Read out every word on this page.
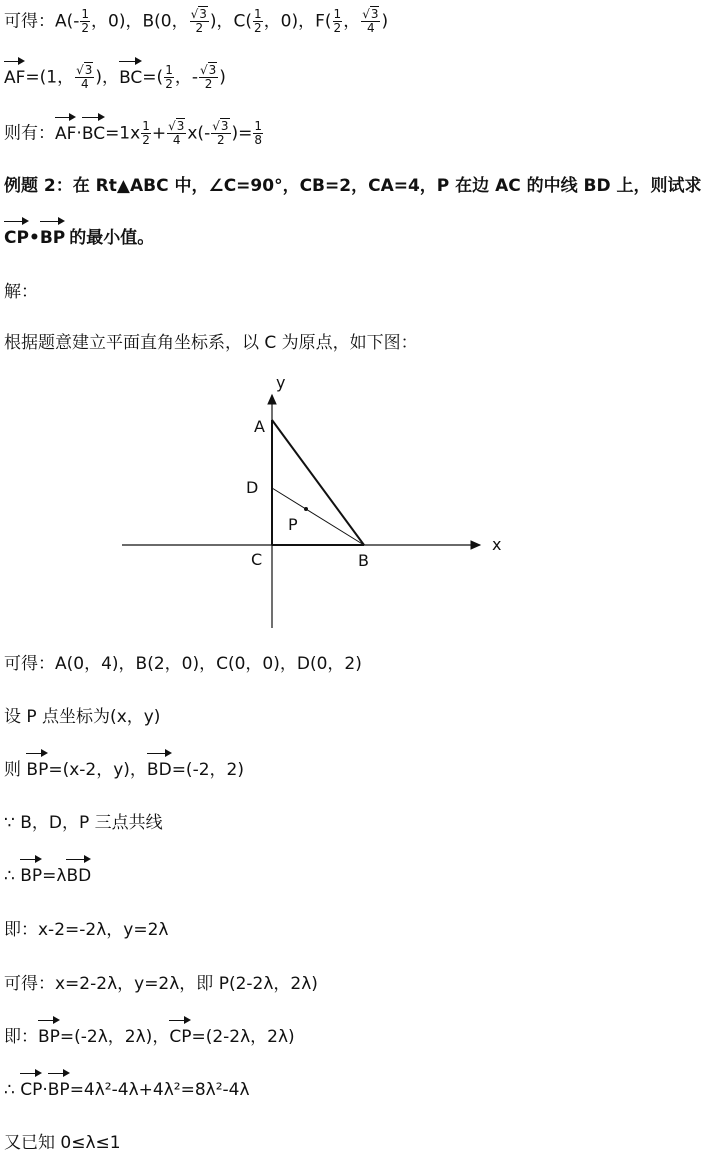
可得：$A(- \frac{1}{2}$ ，0)，B(0， $\frac{√3}{2}$ )，$C( \frac{1}{2}$ ，0)，$F( \frac{1}{2}$ ， $\frac{√3}{4}$ )
AF=(1， $\frac{√3}{4}$ )，$BC=( \frac{1}{2}$ ，- $\frac{√3}{2}$ )
则有：$AF\cdot BC=1x \frac{1}{2} + \frac{√3}{4} x(- \frac{√3}{2}$ )= $\frac{1}{8}$
例题 2：在 Rt▲ABC 中，∠C=90°，CB=2，CA=4，P 在边 AC 的中线 BD 上，则试求
CP•BP 的最小值。
解：
根据题意建立平面直角坐标系，以 C 为原点，如下图：
y
x
A
D
P
C	B
可得：A(0，4)，B(2，0)，C(0，0)，D(0，2)
设 P 点坐标为(x，y)
则 BP=(x-2，y)，BD=(-2，2)
∵ B，D，P 三点共线
∴ BP=λBD
即：x-2=-2λ，y=2λ
可得：x=2-2λ，y=2λ，即 P(2-2λ，2λ)
即：BP=(-2λ，2λ)，CP=(2-2λ，2λ)
∴ CP·BP=4λ²-4λ+4λ²=8λ²-4λ
又已知 0≤λ≤1
